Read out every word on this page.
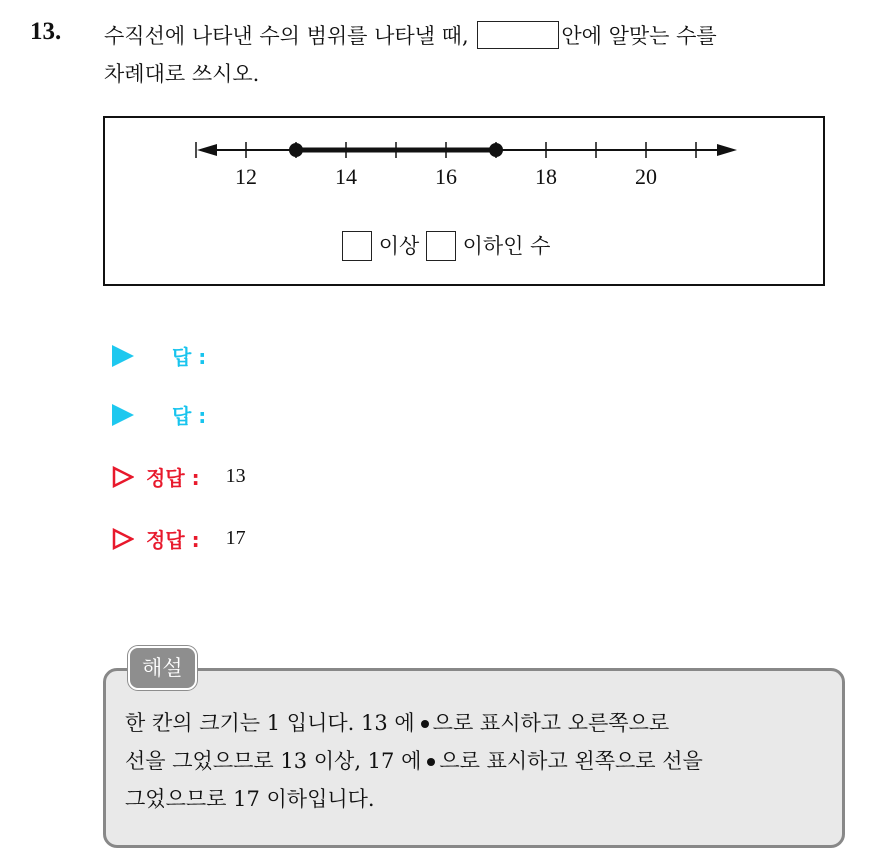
13. 수직선에 나타낸 수의 범위를 나타낼 때,	안에 알맞는 수를
차례대로 쓰시오.
12	14	16	18	20
이상 이하인 수
답 :
답 :
정답 : 13
정답 : 17
해설
한 칸의 크기는 1 입니다. 13 에 으로 표시하고 오른쪽으로
선을 그었으므로 13 이상, 17 에 으로 표시하고 왼쪽으로 선을
그었으므로 17 이하입니다.
